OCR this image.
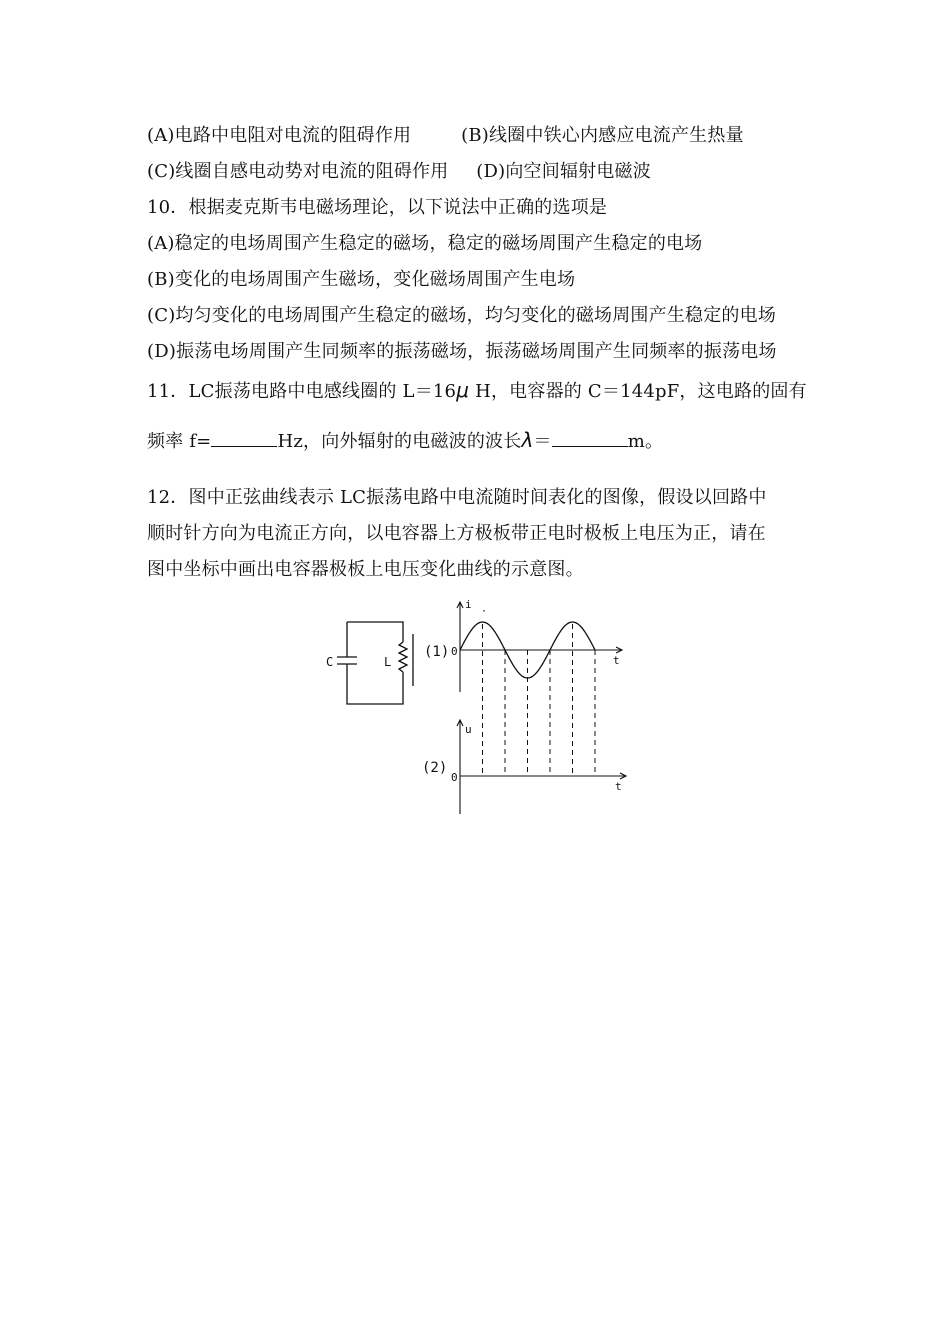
(A)电路中电阻对电流的阻碍作用	(B)线圈中铁心内感应电流产生热量
(C)线圈自感电动势对电流的阻碍作用 (D)向空间辐射电磁波
10．根据麦克斯韦电磁场理论，以下说法中正确的选项是
(A)稳定的电场周围产生稳定的磁场，稳定的磁场周围产生稳定的电场
(B)变化的电场周围产生磁场，变化磁场周围产生电场
(C)均匀变化的电场周围产生稳定的磁场，均匀变化的磁场周围产生稳定的电场
(D)振荡电场周围产生同频率的振荡磁场，振荡磁场周围产生同频率的振荡电场
11．LC振荡电路中电感线圈的 L＝16μ H，电容器的 C＝144pF，这电路的固有
频率 f=	Hz，向外辐射的电磁波的波长λ＝	m。
12．图中正弦曲线表示 LC振荡电路中电流随时间表化的图像，假设以回路中
顺时针方向为电流正方向，以电容器上方极板带正电时极板上电压为正，请在
图中坐标中画出电容器极板上电压变化曲线的示意图。
C	L
(1)
i
0
t
·
(2)
u
0
t
